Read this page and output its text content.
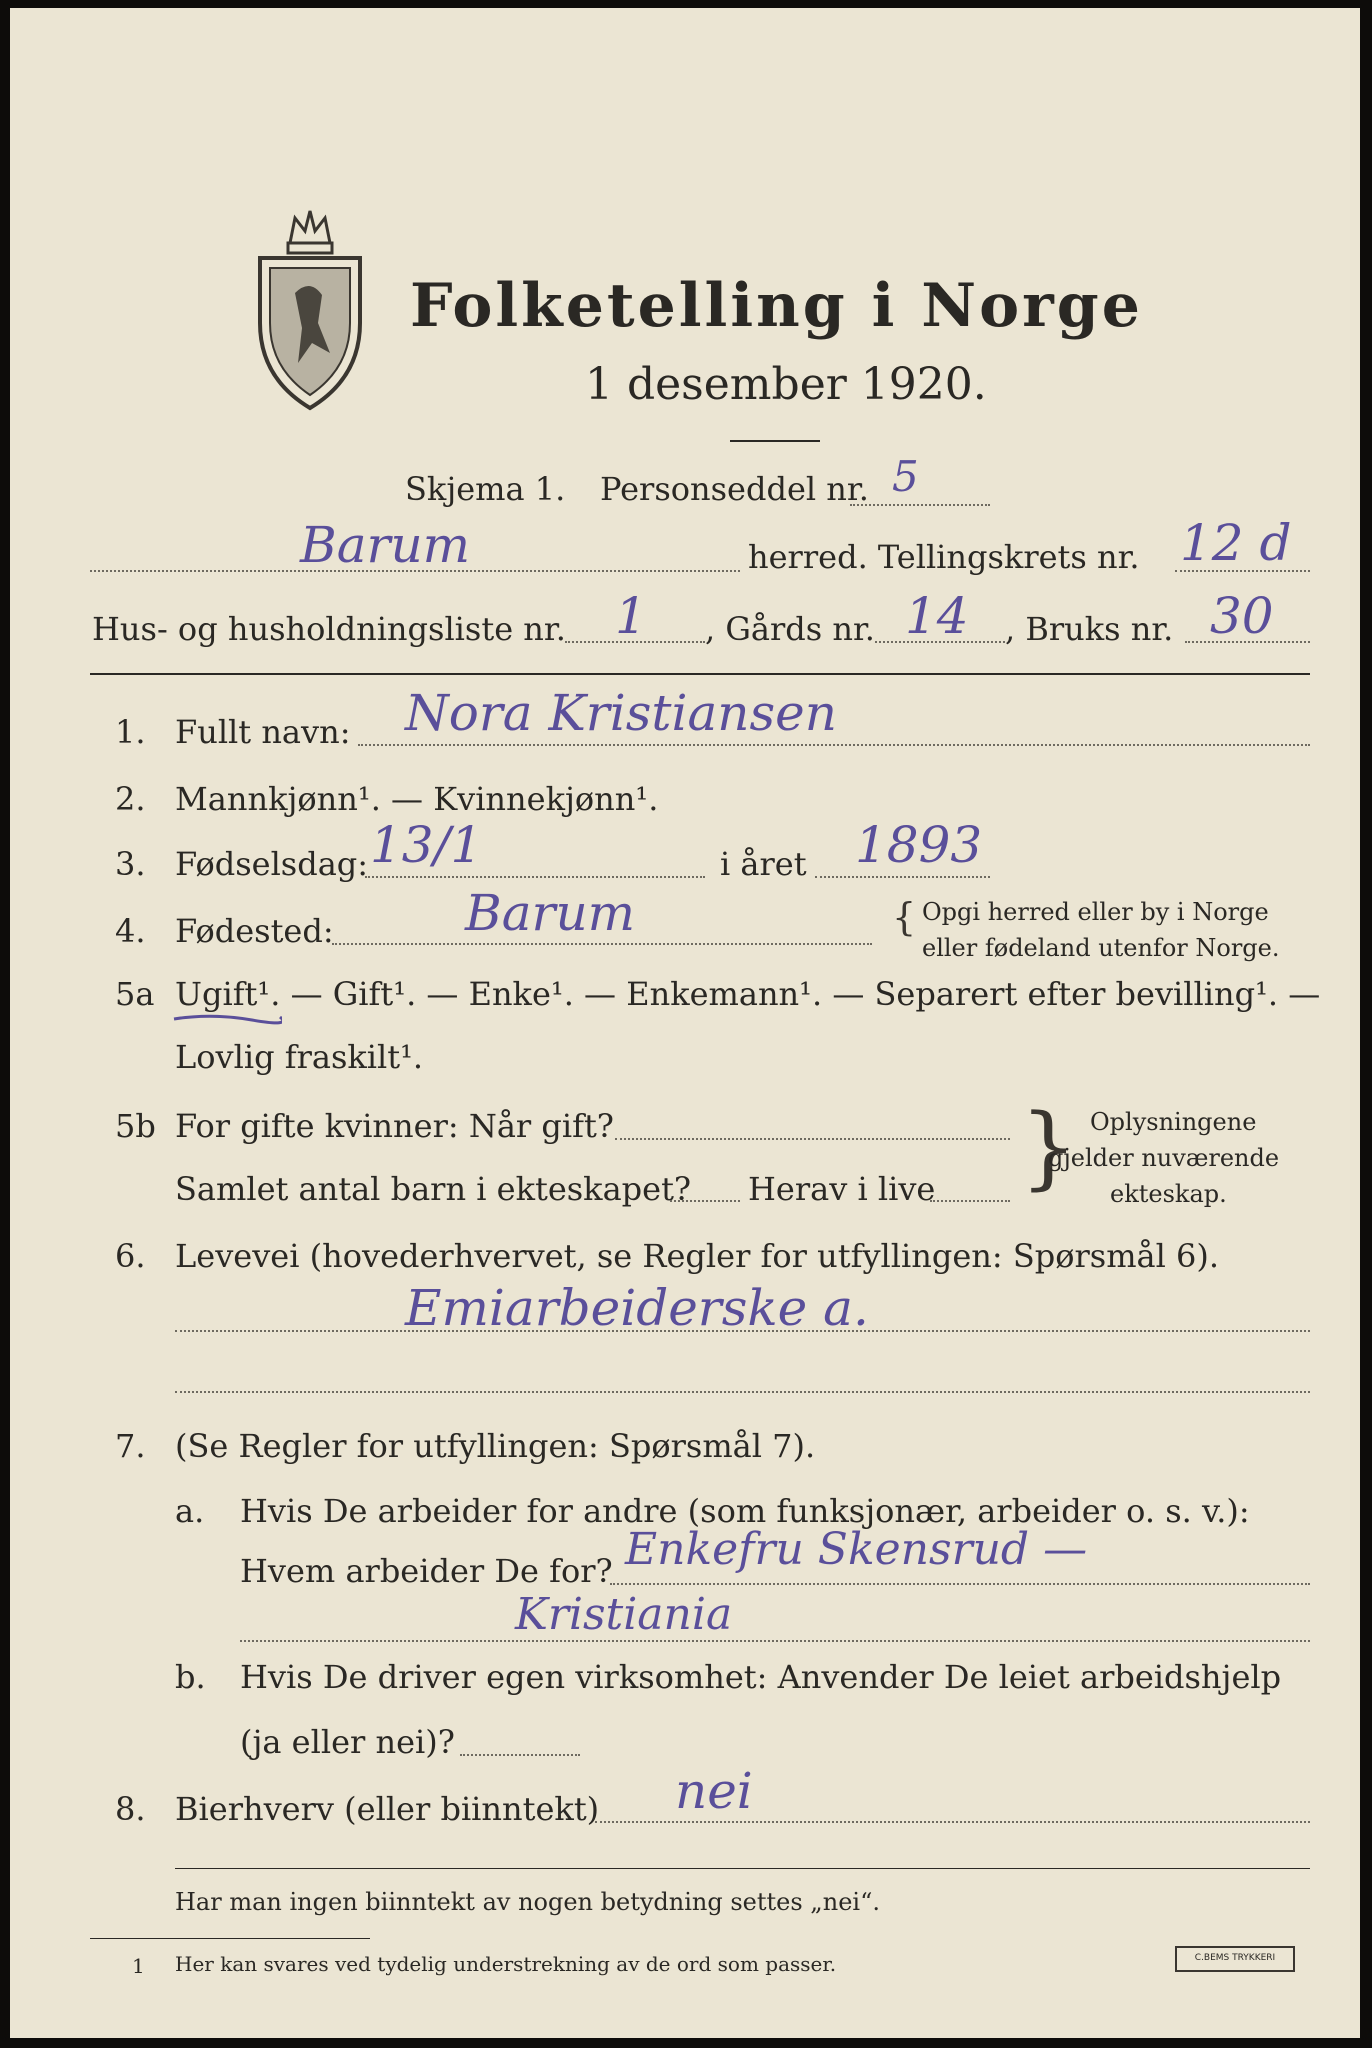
Folketelling i Norge
1 desember 1920.
Skjema 1. Personseddel nr. 5
Barum	herred. Tellingskrets nr. 12 d
Hus- og husholdningsliste nr. 1 , Gårds nr. 14 , Bruks nr. 30
1. Fullt navn: Nora Kristiansen
2. Mannkjønn¹. — Kvinnekjønn¹.
3. Fødselsdag: 13/1	i året 1893
4. Fødested:	Barum	{ Opgi herred eller by i Norge
eller fødeland utenfor Norge.
5a Ugift¹. — Gift¹. — Enke¹. — Enkemann¹. — Separert efter bevilling¹. —
Lovlig fraskilt¹.
5b For gifte kvinner: Når gift?
Samlet antal barn i ekteskapet? Herav i live } Oplysningene
gjelder nuværende
ekteskap.
6. Levevei (hovederhvervet, se Regler for utfyllingen: Spørsmål 6).
Emiarbeiderske a.
7. (Se Regler for utfyllingen: Spørsmål 7).
a. Hvis De arbeider for andre (som funksjonær, arbeider o. s. v.):
Hvem arbeider De for? Enkefru Skensrud —
Kristiania
b. Hvis De driver egen virksomhet: Anvender De leiet arbeidshjelp
(ja eller nei)?
8. Bierhverv (eller biinntekt) nei
Har man ingen biinntekt av nogen betydning settes „nei“.
1 Her kan svares ved tydelig understrekning av de ord som passer.	C.BEMS TRYKKERI
